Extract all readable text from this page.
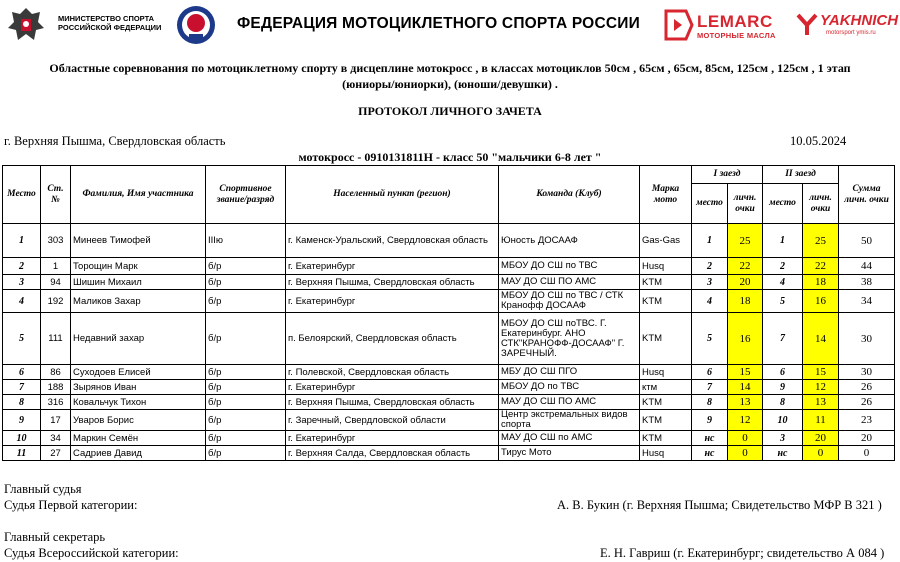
МИНИСТЕРСТВО СПОРТА РОССИЙСКОЙ ФЕДЕРАЦИИ	ФЕДЕРАЦИЯ МОТОЦИКЛЕТНОГО СПОРТА РОССИИ	LEMARC
МОТОРНЫЕ МАСЛА
YAKHNICH
motorsport ymis.ru
Областные соревнования по мотоциклетному спорту в дисцеплине мотокросс , в классах мотоциклов 50см , 65см , 65см, 85см, 125см , 125см , 1 этап
(юниоры/юниорки), (юноши/девушки) .
ПРОТОКОЛ ЛИЧНОГО ЗАЧЕТА
г. Верхняя Пышма, Свердловская область	10.05.2024
мотокросс - 0910131811Н - класс 50 "мальчики 6-8 лет "
Место	Ст. №	Фамилия, Имя участника	Спортивное звание/разряд	Населенный пункт (регион)	Команда (Клуб)	Марка мото	I заезд		II заезд		Сумма личн. очки
							место	личн. очки	место	личн. очки	
1	303	Минеев Тимофей	IIIю	г. Каменск-Уральский, Свердловская область	Юность ДОСААФ	Gas-Gas	1	25	1	25	50
2	1	Торощин Марк	б/р	г. Екатеринбург	МБОУ ДО СШ по ТВС	Husq	2	22	2	22	44
3	94	Шишин Михаил	б/р	г. Верхняя Пышма, Свердловская область	МАУ ДО СШ ПО АМС	KTM	3	20	4	18	38
4	192	Маликов Захар	б/р	г. Екатеринбург	МБОУ ДО СШ по ТВС / СТК Кранофф ДОСААФ	KTM	4	18	5	16	34
5	111	Недавний захар	б/р	п. Белоярский, Свердловская область	МБОУ ДО СШ поТВС. Г. Екатеринбург. АНО СТК"КРАНОФФ-ДОСААФ" Г. ЗАРЕЧНЫЙ.	KTM	5	16	7	14	30
6	86	Суходоев Елисей	б/р	г. Полевской, Свердловская область	МБУ ДО СШ ПГО	Husq	6	15	6	15	30
7	188	Зырянов Иван	б/р	г. Екатеринбург	МБОУ ДО по ТВС	ктм	7	14	9	12	26
8	316	Ковальчук Тихон	б/р	г. Верхняя Пышма, Свердловская область	МАУ ДО СШ ПО АМС	KTM	8	13	8	13	26
9	17	Уваров Борис	б/р	г. Заречный, Свердловской области	Центр экстремальных видов спорта	KTM	9	12	10	11	23
10	34	Маркин Семён	б/р	г. Екатеринбург	МАУ ДО СШ по АМС	KTM	нс	0	3	20	20
11	27	Садриев Давид	б/р	г. Верхняя Салда, Свердловская область	Тирус Мото	Husq	нс	0	нс	0	0
Главный судья
Судья Первой категории:	А. В. Букин (г. Верхняя Пышма; Свидетельство МФР В 321 )
Главный секретарь
Судья Всероссийской категории:	Е. Н. Гавриш (г. Екатеринбург; свидетельство А 084 )
